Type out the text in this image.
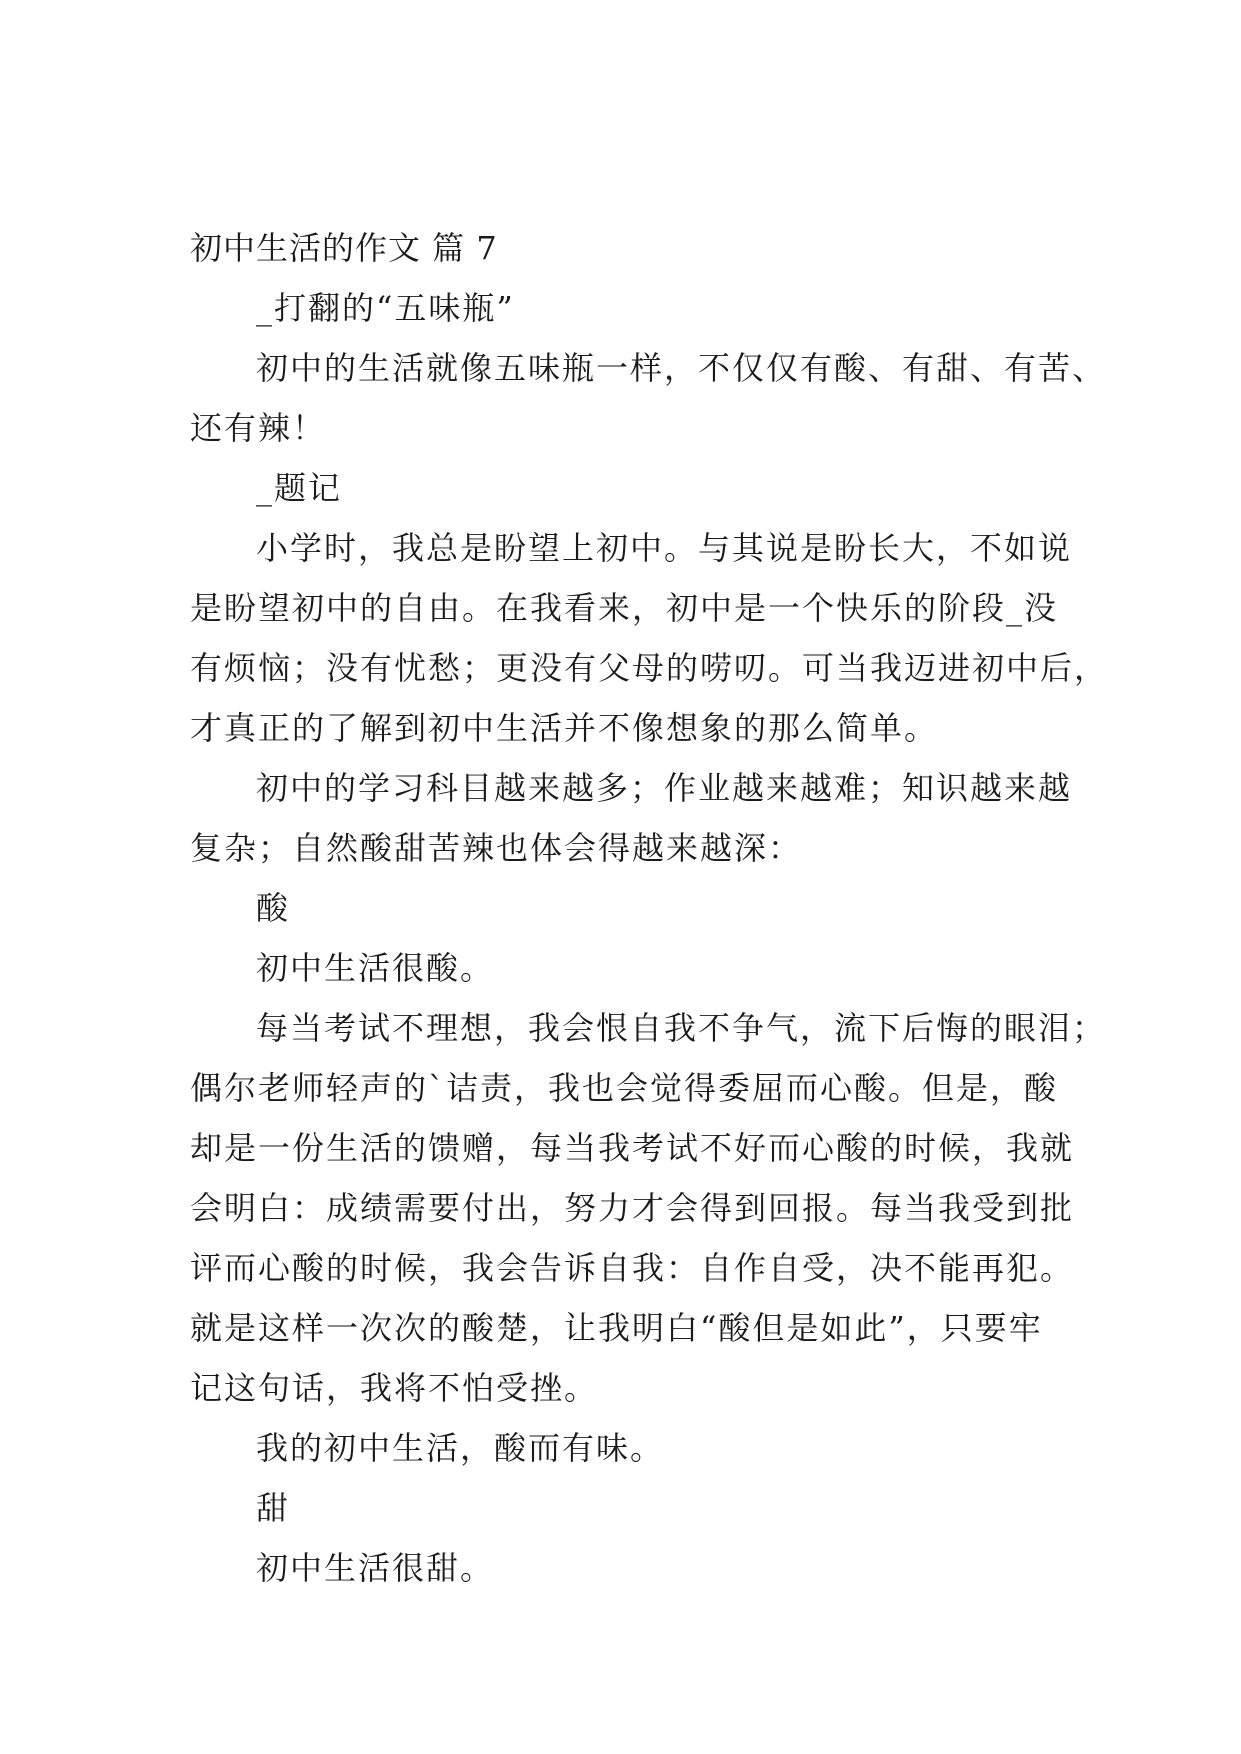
初中生活的作文 篇 7
_打翻的“五味瓶”
初中的生活就像五味瓶一样，不仅仅有酸、有甜、有苦、
还有辣！
_题记
小学时，我总是盼望上初中。与其说是盼长大，不如说
是盼望初中的自由。在我看来，初中是一个快乐的阶段_没
有烦恼；没有忧愁；更没有父母的唠叨。可当我迈进初中后，
才真正的了解到初中生活并不像想象的那么简单。
初中的学习科目越来越多；作业越来越难；知识越来越
复杂；自然酸甜苦辣也体会得越来越深：
酸
初中生活很酸。
每当考试不理想，我会恨自我不争气，流下后悔的眼泪；
偶尔老师轻声的`诘责，我也会觉得委屈而心酸。但是，酸
却是一份生活的馈赠，每当我考试不好而心酸的时候，我就
会明白：成绩需要付出，努力才会得到回报。每当我受到批
评而心酸的时候，我会告诉自我：自作自受，决不能再犯。
就是这样一次次的酸楚，让我明白“酸但是如此”，只要牢
记这句话，我将不怕受挫。
我的初中生活，酸而有味。
甜
初中生活很甜。
